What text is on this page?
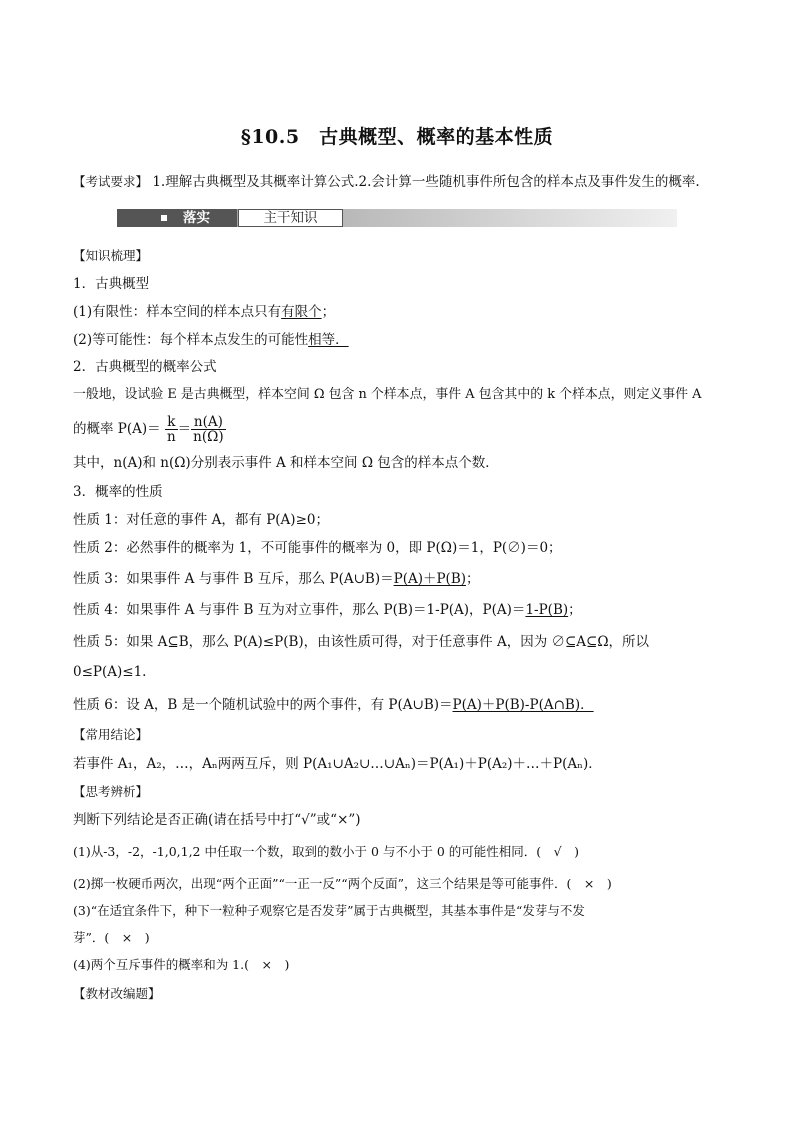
§10.5　古典概型、概率的基本性质
【考试要求】 1.理解古典概型及其概率计算公式.2.会计算一些随机事件所包含的样本点及事件发生的概率.
落实	主干知识
【知识梳理】
1．古典概型
(1)有限性：样本空间的样本点只有有限个；
(2)等可能性：每个样本点发生的可能性相等．
2．古典概型的概率公式
一般地，设试验 E 是古典概型，样本空间 Ω 包含 n 个样本点，事件 A 包含其中的 k 个样本点，则定义事件 A
的概率 $P(A)= \frac{k}{n} = \frac{n(A)}{n(\Omega)}$
其中，n(A)和 n(Ω)分别表示事件 A 和样本空间 Ω 包含的样本点个数．
3．概率的性质
性质 1：对任意的事件 A，都有 P(A)≥0；
性质 2：必然事件的概率为 1，不可能事件的概率为 0，即 P(Ω)＝1，P(∅)＝0；
性质 3：如果事件 A 与事件 B 互斥，那么 P(A∪B)＝P(A)＋P(B)；
性质 4：如果事件 A 与事件 B 互为对立事件，那么 P(B)＝1-P(A)，P(A)＝1-P(B)；
性质 5：如果 A⊆B，那么 P(A)≤P(B)，由该性质可得，对于任意事件 A，因为 ∅⊆A⊆Ω，所以
0≤P(A)≤1.
性质 6：设 A，B 是一个随机试验中的两个事件，有 P(A∪B)＝P(A)＋P(B)-P(A∩B)．
【常用结论】
若事件 A₁，A₂，…，Aₙ两两互斥，则 P(A₁∪A₂∪…∪Aₙ)＝P(A₁)＋P(A₂)＋…＋P(Aₙ)．
【思考辨析】
判断下列结论是否正确(请在括号中打“√”或“×”)
(1)从-3，-2，-1,0,1,2 中任取一个数，取到的数小于 0 与不小于 0 的可能性相同．(　√　)
(2)掷一枚硬币两次，出现“两个正面”“一正一反”“两个反面”，这三个结果是等可能事件．(　×　)
(3)“在适宜条件下，种下一粒种子观察它是否发芽”属于古典概型，其基本事件是“发芽与不发
芽”．(　×　)
(4)两个互斥事件的概率和为 1.(　×　)
【教材改编题】
